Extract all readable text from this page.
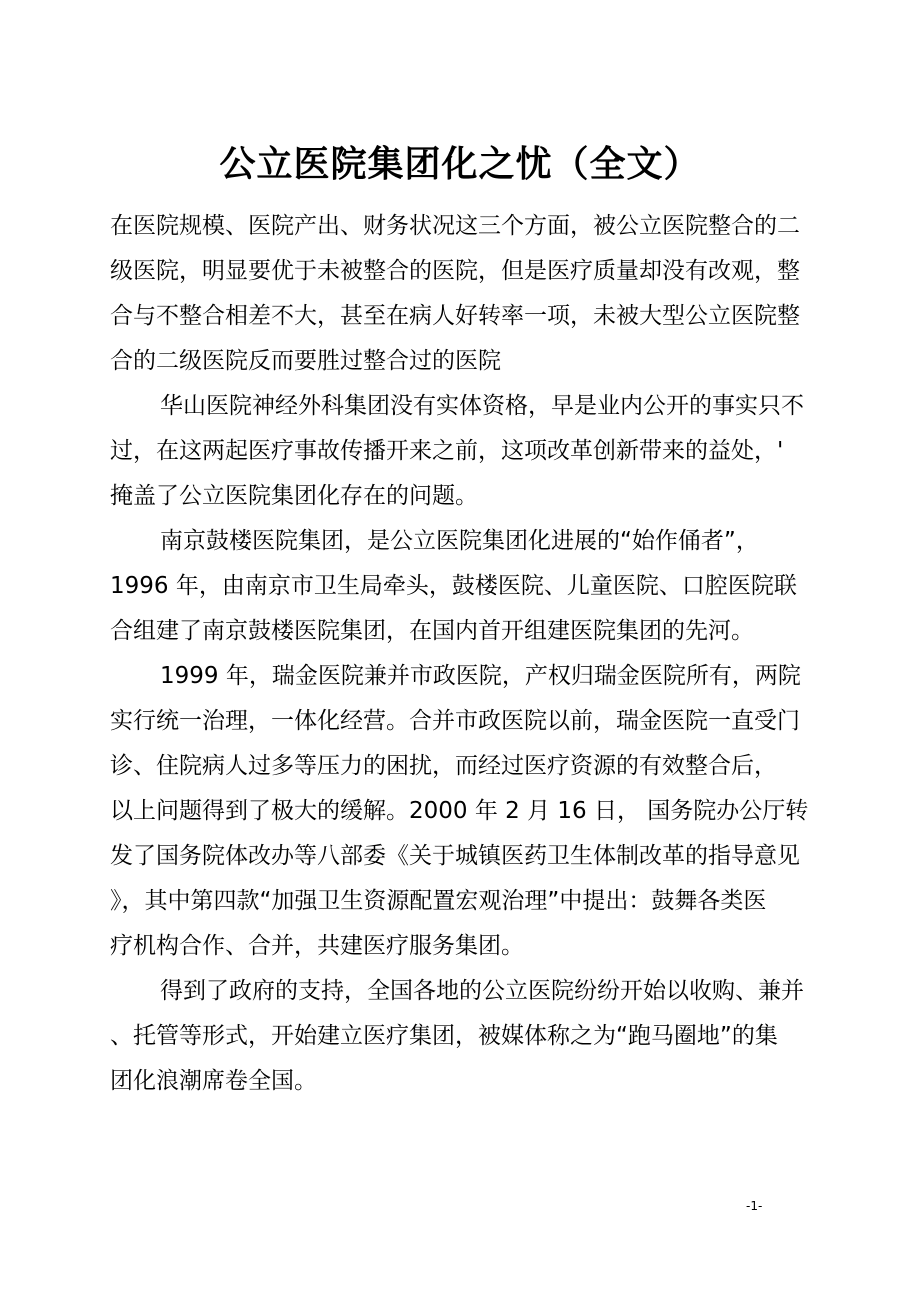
公立医院集团化之忧（全文）

在医院规模、医院产出、财务状况这三个方面，被公立医院整合的二

级医院，明显要优于未被整合的医院，但是医疗质量却没有改观，整

合与不整合相差不大，甚至在病人好转率一项，未被大型公立医院整

合的二级医院反而要胜过整合过的医院

华山医院神经外科集团没有实体资格，早是业内公开的事实只不

过，在这两起医疗事故传播开来之前，这项改革创新带来的益处，'

掩盖了公立医院集团化存在的问题。

南京鼓楼医院集团，是公立医院集团化进展的“始作俑者”，

1996 年，由南京市卫生局牵头，鼓楼医院、儿童医院、口腔医院联

合组建了南京鼓楼医院集团，在国内首开组建医院集团的先河。

1999 年，瑞金医院兼并市政医院，产权归瑞金医院所有，两院

实行统一治理，一体化经营。合并市政医院以前，瑞金医院一直受门

诊、住院病人过多等压力的困扰，而经过医疗资源的有效整合后，

以上问题得到了极大的缓解。2000 年 2 月 16 日， 国务院办公厅转

发了国务院体改办等八部委《关于城镇医药卫生体制改革的指导意见

》，其中第四款“加强卫生资源配置宏观治理”中提出：鼓舞各类医

疗机构合作、合并，共建医疗服务集团。

得到了政府的支持，全国各地的公立医院纷纷开始以收购、兼并

、托管等形式，开始建立医疗集团，被媒体称之为“跑马圈地”的集

团化浪潮席卷全国。

-1-
